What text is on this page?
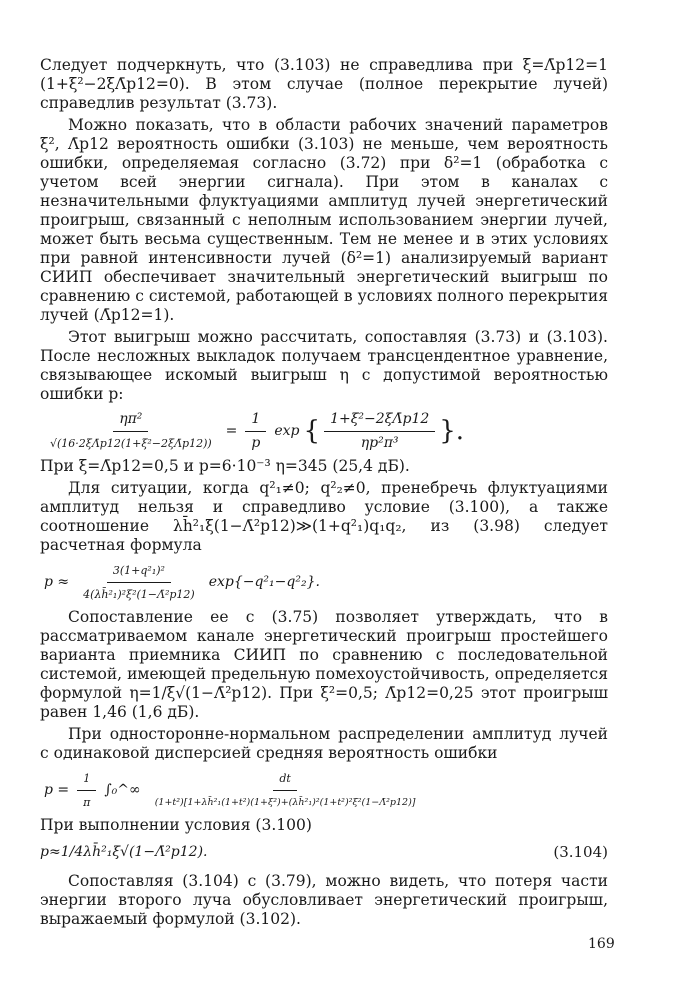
Следует подчеркнуть, что (3.103) не справедлива при ξ=Λ̄p12=1 (1+ξ²−2ξΛ̄p12=0). В этом случае (полное перекрытие лучей) справедлив результат (3.73).

Можно показать, что в области рабочих значений параметров ξ², Λ̄p12 вероятность ошибки (3.103) не меньше, чем вероятность ошибки, определяемая согласно (3.72) при δ²=1 (обработка с учетом всей энергии сигнала). При этом в каналах с незначительными флуктуациями амплитуд лучей энергетический проигрыш, связанный с неполным использованием энергии лучей, может быть весьма существенным. Тем не менее и в этих условиях при равной интенсивности лучей (δ²=1) анализируемый вариант СИИП обеспечивает значительный энергетический выигрыш по сравнению с системой, работающей в условиях полного перекрытия лучей (Λ̄p12=1).

Этот выигрыш можно рассчитать, сопоставляя (3.73) и (3.103). После несложных выкладок получаем трансцендентное уравнение, связывающее искомый выигрыш η с допустимой вероятностью ошибки p:

$\frac{\text{ηπ²}}{\text{√(16·2ξΛ̄p12(1+ξ²−2ξΛ̄p12))}} = \frac{1}{p}$ exp { $\frac{\text{1+ξ²−2ξΛ̄p12}}{\text{ηp²π³}}$ }.

При ξ=Λ̄p12=0,5 и p=6·10⁻³ η=345 (25,4 дБ).

Для ситуации, когда q²₁≠0; q²₂≠0, пренебречь флуктуациями амплитуд нельзя и справедливо условие (3.100), а также соотношение λh̄²₁ξ(1−Λ̄²p12)≫(1+q²₁)q₁q₂, из (3.98) следует расчетная формула

$p \approx \frac{\text{3(1+q²₁)²}}{\text{4(λh̄²₁)²ξ²(1−Λ̄²p12)}} \exp\{-q^2_1-q^2_2\}$.

Сопоставление ее с (3.75) позволяет утверждать, что в рассматриваемом канале энергетический проигрыш простейшего варианта приемника СИИП по сравнению с последовательной системой, имеющей предельную помехоустойчивость, определяется формулой η=1/ξ√(1−Λ̄²p12). При ξ²=0,5; Λ̄p12=0,25 этот проигрыш равен 1,46 (1,6 дБ).

При односторонне-нормальном распределении амплитуд лучей с одинаковой дисперсией средняя вероятность ошибки

$p = \frac{1}{\pi}$ ∫₀^∞ $\frac{dt}{\text{(1+t²)[1+λh̄²₁(1+t²)(1+ξ²)+(λh̄²₁)²(1+t²)²ξ²(1−Λ̄²p12)]}}$

При выполнении условия (3.100)

p≈1/4λh̄²₁ξ√(1−Λ̄²p12).	(3.104)

Сопоставляя (3.104) с (3.79), можно видеть, что потеря части энергии второго луча обусловливает энергетический проигрыш, выражаемый формулой (3.102).

169
